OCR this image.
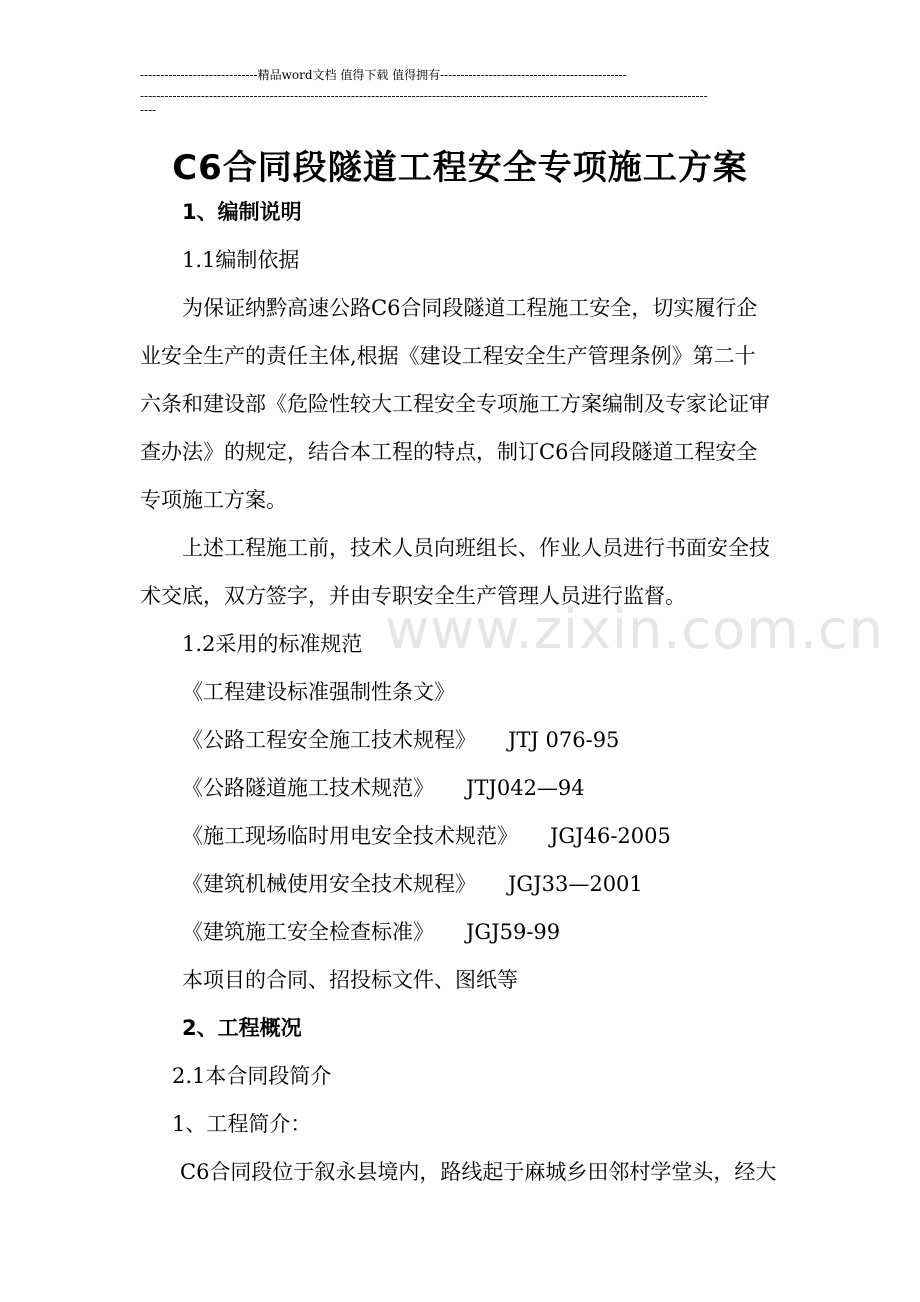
-----------------------------精品word文档 值得下载 值得拥有----------------------------------------------
--------------------------------------------------------------------------------------------------------------------------------------------
----
www.zixin.com.cn
C6合同段隧道工程安全专项施工方案
1、编制说明
1.1编制依据
为保证纳黔高速公路C6合同段隧道工程施工安全，切实履行企
业安全生产的责任主体,根据《建设工程安全生产管理条例》第二十
六条和建设部《危险性较大工程安全专项施工方案编制及专家论证审
查办法》的规定，结合本工程的特点，制订C6合同段隧道工程安全
专项施工方案。
上述工程施工前，技术人员向班组长、作业人员进行书面安全技
术交底，双方签字，并由专职安全生产管理人员进行监督。
1.2采用的标准规范
《工程建设标准强制性条文》
《公路工程安全施工技术规程》 JTJ 076-95
《公路隧道施工技术规范》 JTJ042—94
《施工现场临时用电安全技术规范》 JGJ46-2005
《建筑机械使用安全技术规程》 JGJ33—2001
《建筑施工安全检查标准》 JGJ59-99
本项目的合同、招投标文件、图纸等
2、工程概况
2.1本合同段简介
1、工程简介：
C6合同段位于叙永县境内，路线起于麻城乡田邻村学堂头，经大
